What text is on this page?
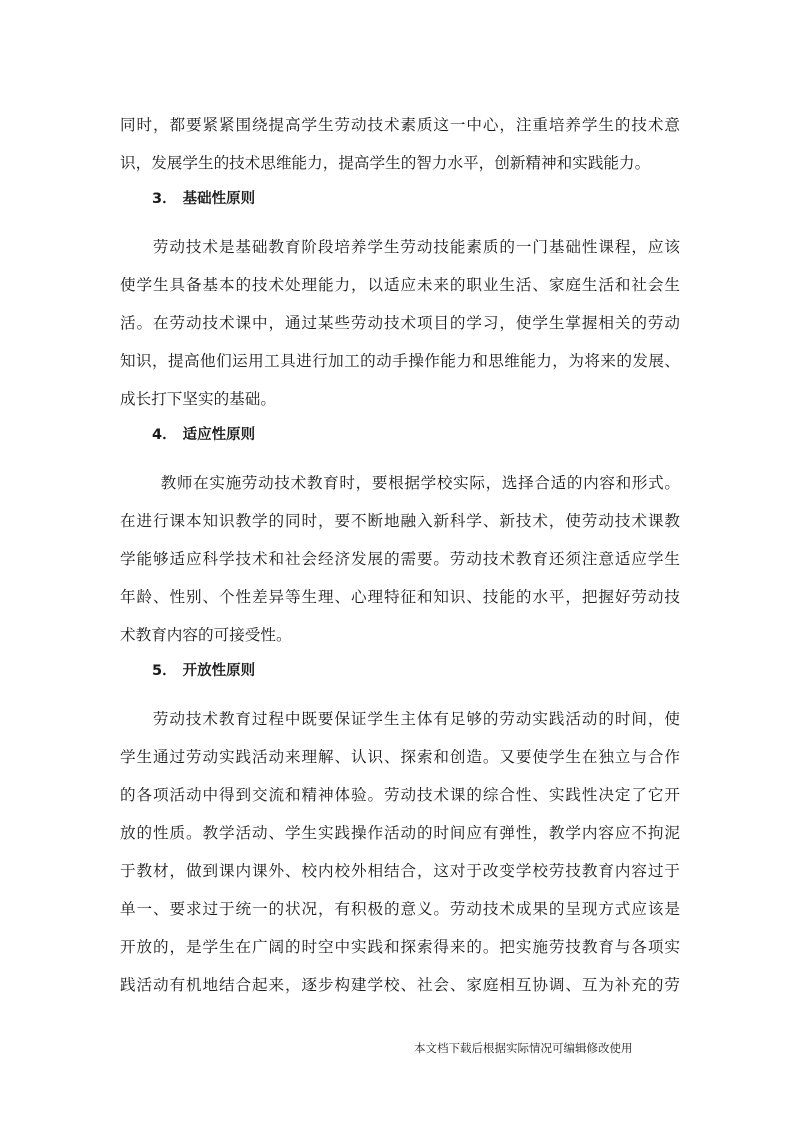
同时，都要紧紧围绕提高学生劳动技术素质这一中心，注重培养学生的技术意
识，发展学生的技术思维能力，提高学生的智力水平，创新精神和实践能力。
3． 基础性原则
劳动技术是基础教育阶段培养学生劳动技能素质的一门基础性课程，应该
使学生具备基本的技术处理能力，以适应未来的职业生活、家庭生活和社会生
活。在劳动技术课中，通过某些劳动技术项目的学习，使学生掌握相关的劳动
知识，提高他们运用工具进行加工的动手操作能力和思维能力，为将来的发展、
成长打下坚实的基础。
4． 适应性原则
教师在实施劳动技术教育时，要根据学校实际，选择合适的内容和形式。
在进行课本知识教学的同时，要不断地融入新科学、新技术，使劳动技术课教
学能够适应科学技术和社会经济发展的需要。劳动技术教育还须注意适应学生
年龄、性别、个性差异等生理、心理特征和知识、技能的水平，把握好劳动技
术教育内容的可接受性。
5． 开放性原则
劳动技术教育过程中既要保证学生主体有足够的劳动实践活动的时间，使
学生通过劳动实践活动来理解、认识、探索和创造。又要使学生在独立与合作
的各项活动中得到交流和精神体验。劳动技术课的综合性、实践性决定了它开
放的性质。教学活动、学生实践操作活动的时间应有弹性，教学内容应不拘泥
于教材，做到课内课外、校内校外相结合，这对于改变学校劳技教育内容过于
单一、要求过于统一的状况，有积极的意义。劳动技术成果的呈现方式应该是
开放的，是学生在广阔的时空中实践和探索得来的。把实施劳技教育与各项实
践活动有机地结合起来，逐步构建学校、社会、家庭相互协调、互为补充的劳
本文档下载后根据实际情况可编辑修改使用
